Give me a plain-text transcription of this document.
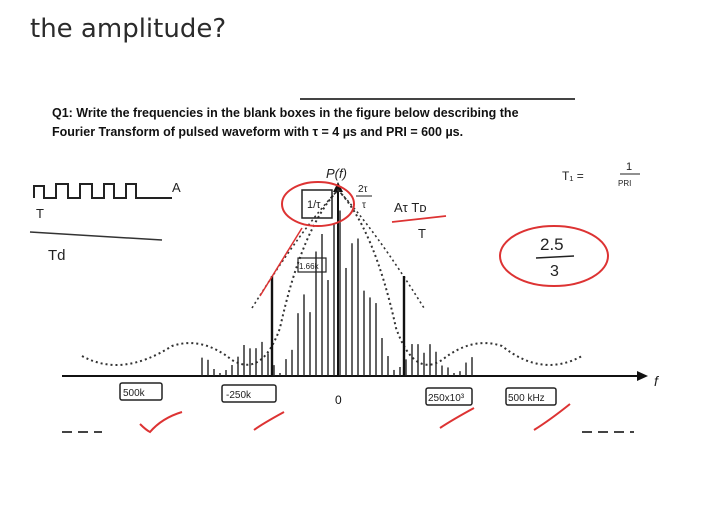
the amplitude?
Q1: Write the frequencies in the blank boxes in the figure below describing the
Fourier Transform of pulsed waveform with τ = 4 µs and PRI = 600 µs.
A
T
Td
f
P(f)
0
500k	-250k	250x10³	500 kHz
1/τ
1.66k
2τ
τ Aτ Tᴅ
T
2.5
3
T₁ =
1
PRI
